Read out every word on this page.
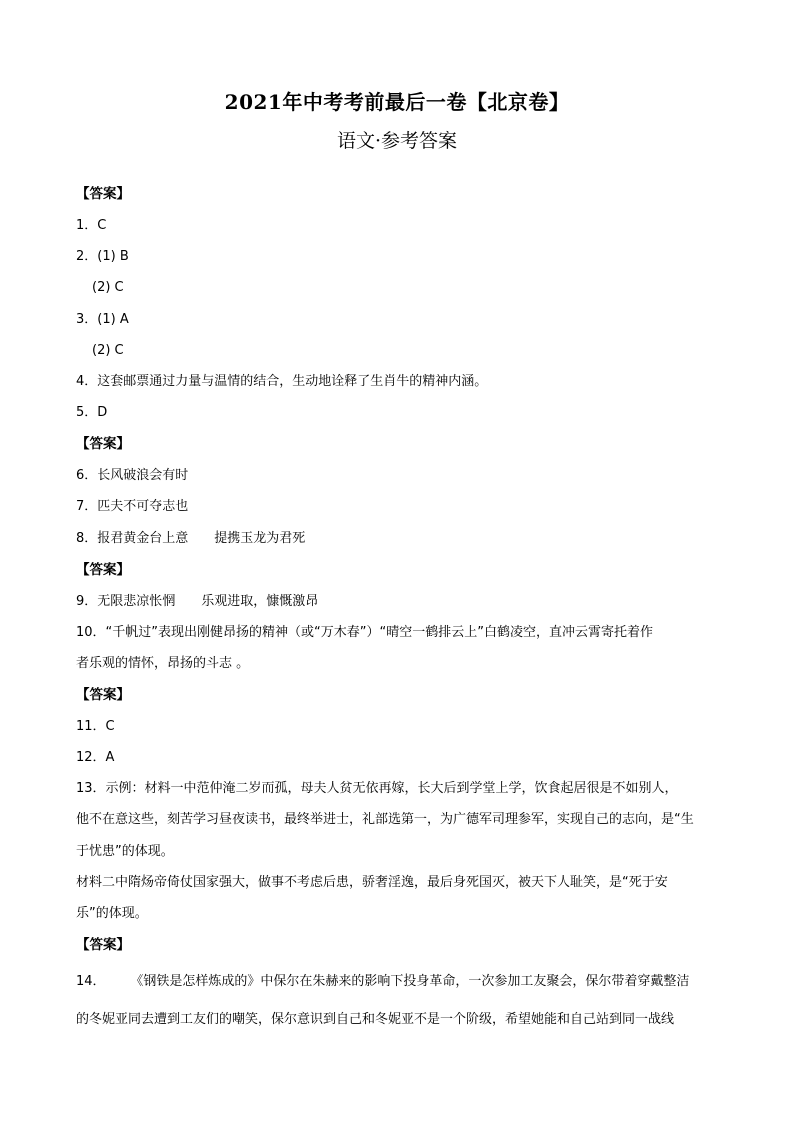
2021年中考考前最后一卷【北京卷】
语文·参考答案
【答案】
1．C
2．(1) B
(2) C
3．(1) A
(2) C
4．这套邮票通过力量与温情的结合，生动地诠释了生肖牛的精神内涵。
5．D
【答案】
6．长风破浪会有时
7．匹夫不可夺志也
8．报君黄金台上意 提携玉龙为君死
【答案】
9．无限悲凉怅惘 乐观进取，慷慨激昂
10．“千帆过”表现出刚健昂扬的精神（或“万木春”）“晴空一鹤排云上”白鹤凌空，直冲云霄寄托着作
者乐观的情怀，昂扬的斗志 。
【答案】
11．C
12．A
13．示例：材料一中范仲淹二岁而孤，母夫人贫无依再嫁，长大后到学堂上学，饮食起居很是不如别人，
他不在意这些，刻苦学习昼夜读书，最终举进士，礼部选第一，为广德军司理参军，实现自己的志向，是“生
于忧患”的体现。
材料二中隋炀帝倚仗国家强大，做事不考虑后患，骄奢淫逸，最后身死国灭，被天下人耻笑，是“死于安
乐”的体现。
【答案】
14．      《钢铁是怎样炼成的》中保尔在朱赫来的影响下投身革命，一次参加工友聚会，保尔带着穿戴整洁
的冬妮亚同去遭到工友们的嘲笑，保尔意识到自己和冬妮亚不是一个阶级，希望她能和自己站到同一战线
